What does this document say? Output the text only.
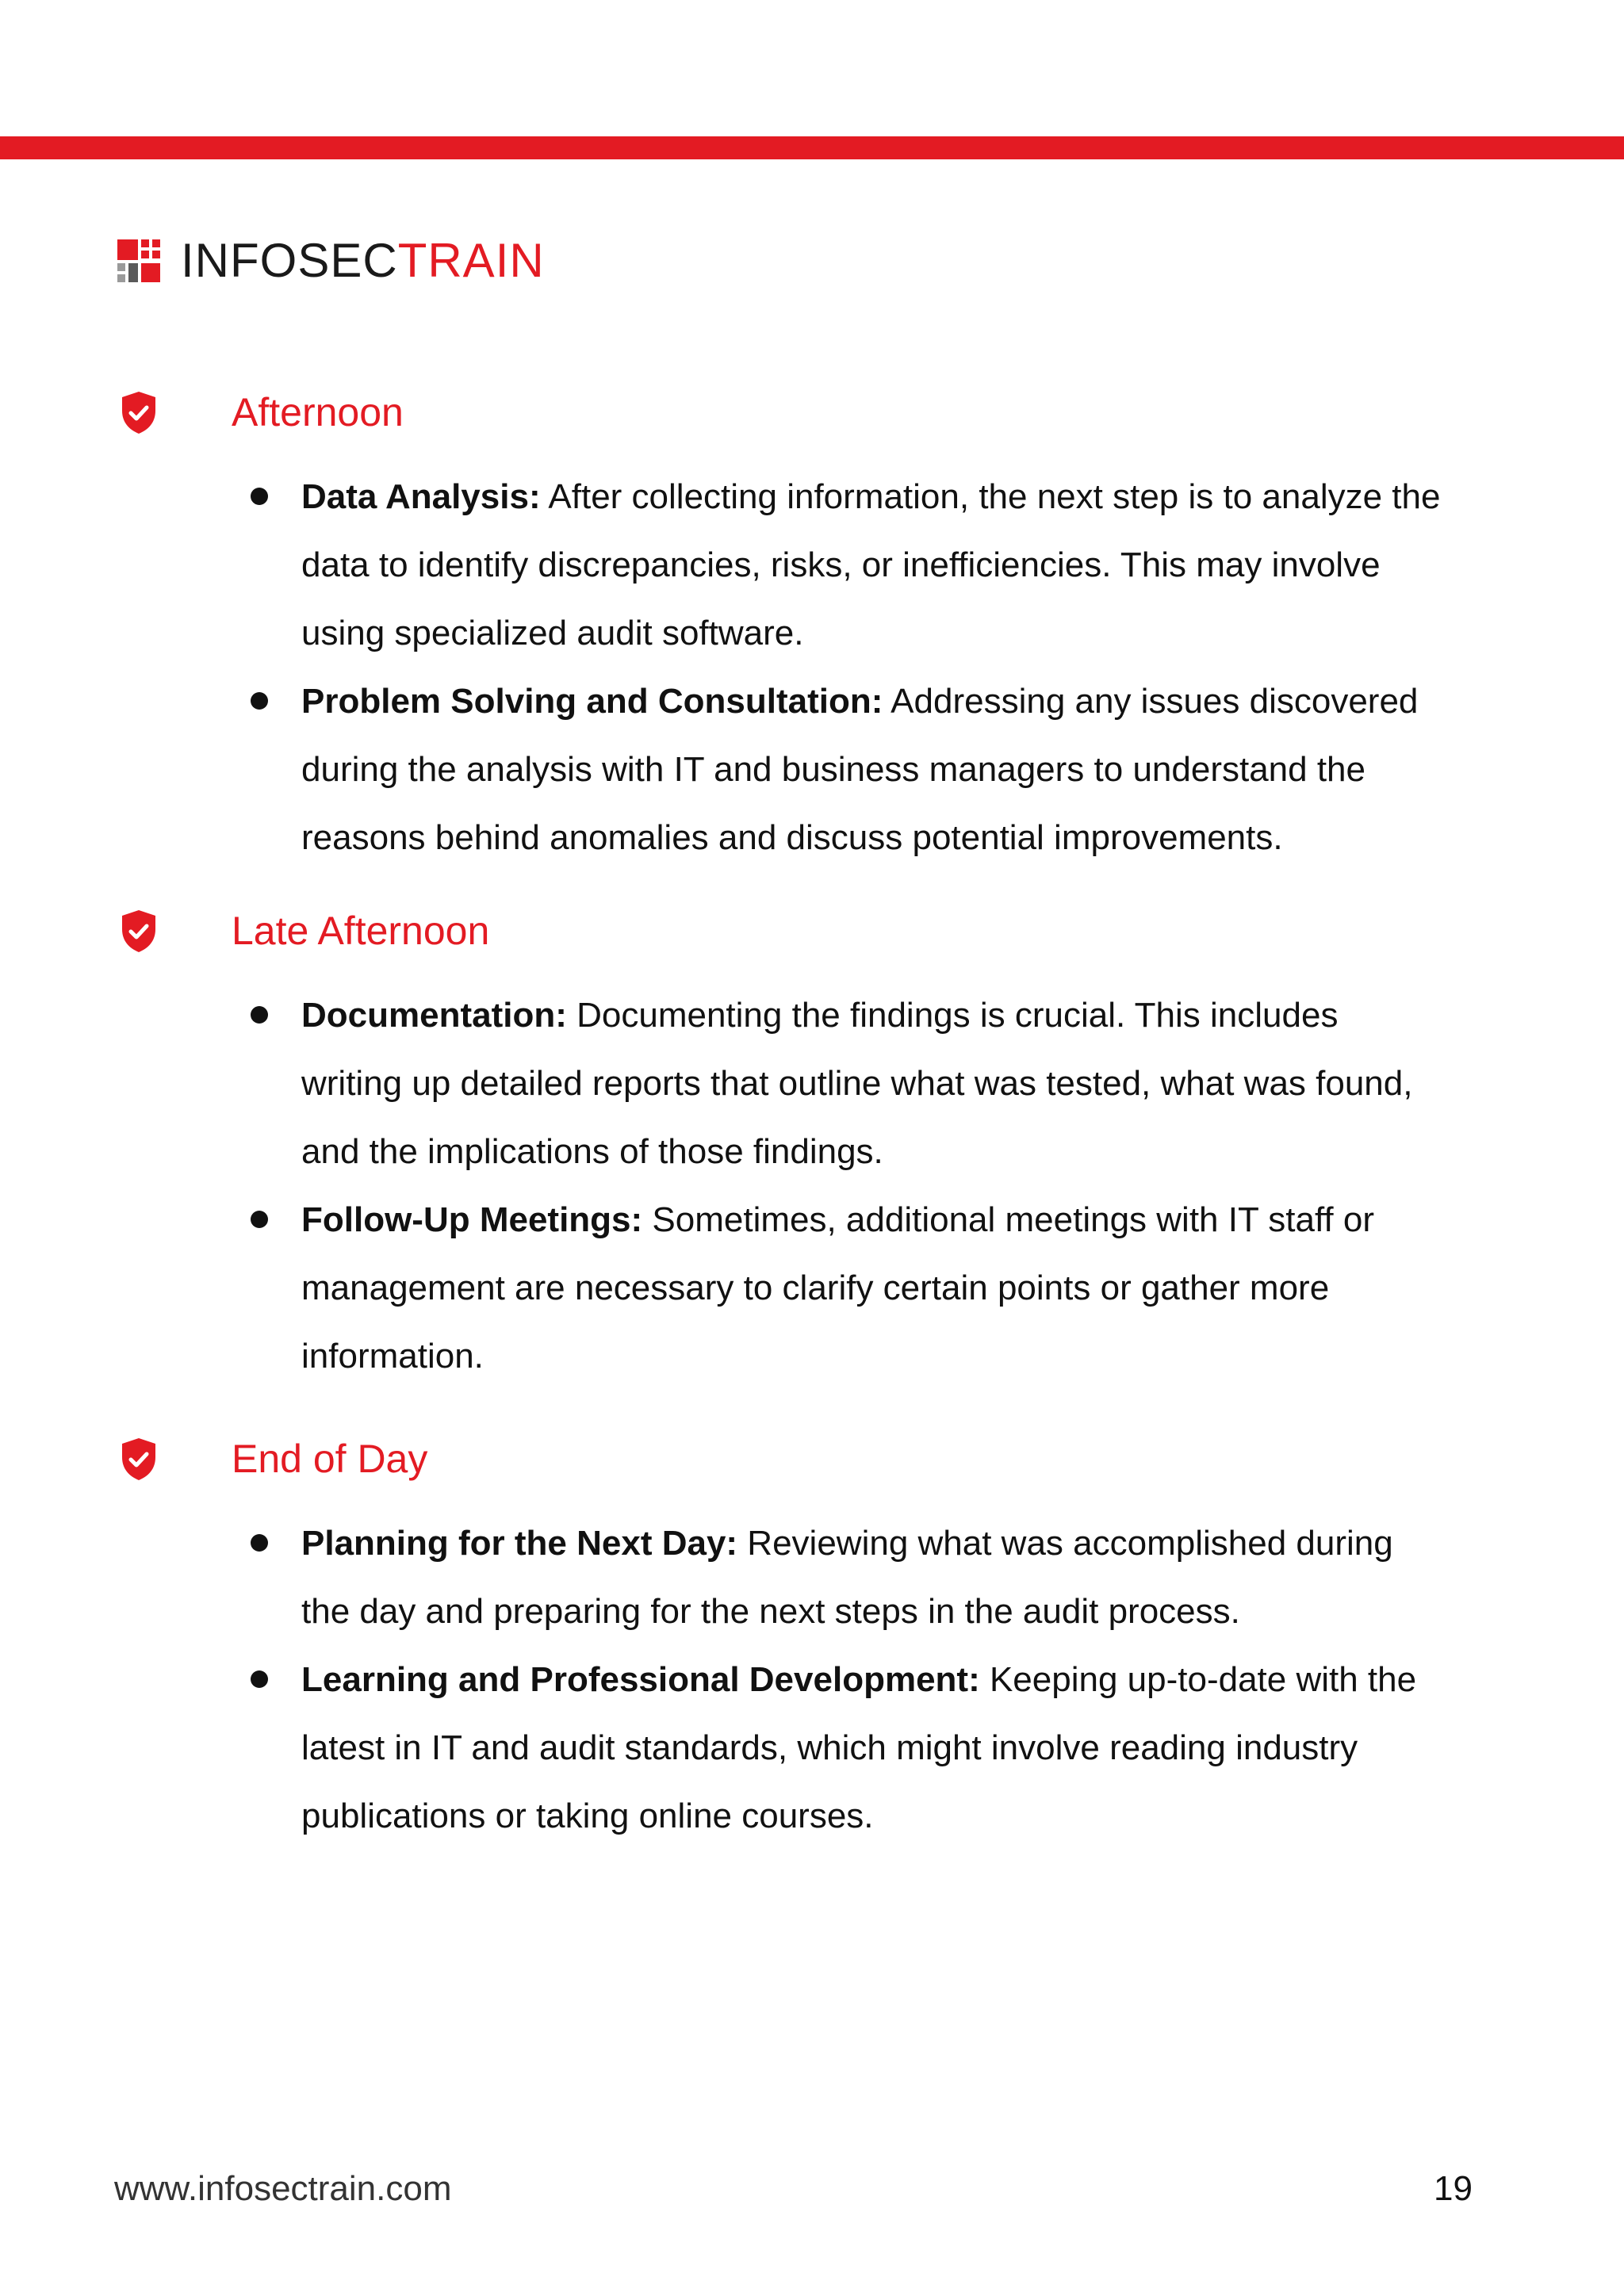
INFOSECTRAIN
Afternoon
Data Analysis: After collecting information, the next step is to analyze the data to identify discrepancies, risks, or inefficiencies. This may involve using specialized audit software.
Problem Solving and Consultation: Addressing any issues discovered during the analysis with IT and business managers to understand the reasons behind anomalies and discuss potential improvements.
Late Afternoon
Documentation: Documenting the findings is crucial. This includes writing up detailed reports that outline what was tested, what was found, and the implications of those findings.
Follow-Up Meetings: Sometimes, additional meetings with IT staff or management are necessary to clarify certain points or gather more information.
End of Day
Planning for the Next Day: Reviewing what was accomplished during the day and preparing for the next steps in the audit process.
Learning and Professional Development: Keeping up-to-date with the latest in IT and audit standards, which might involve reading industry publications or taking online courses.
www.infosectrain.com	19
